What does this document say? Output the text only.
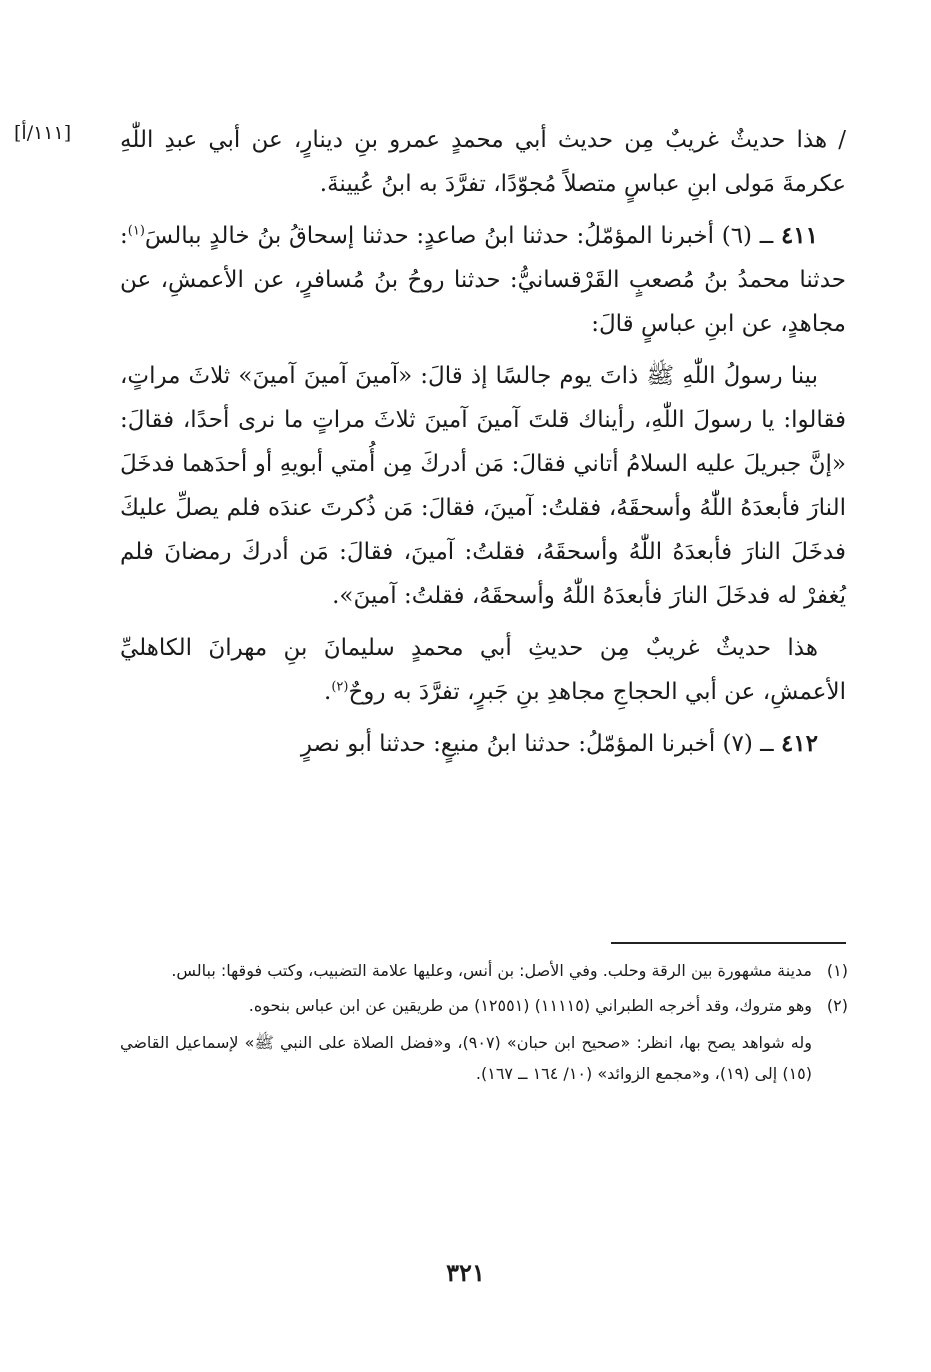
[١١١/أ] / هذا حديثٌ غريبٌ مِن حديث أبي محمدٍ عمرو بنِ دينارٍ، عن أبي عبدِ اللّٰهِ عكرمةَ مَولى ابنِ عباسٍ متصلاً مُجوّدًا، تفرَّدَ به ابنُ عُيينةَ.

٤١١ ــ (٦) أخبرنا المؤمّلُ: حدثنا ابنُ صاعدٍ: حدثنا إسحاقُ بنُ خالدٍ ببالسَ$^{(١)}$: حدثنا محمدُ بنُ مُصعبٍ القَرْقسانيُّ: حدثنا روحُ بنُ مُسافرٍ، عن الأعمشِ، عن مجاهدٍ، عن ابنِ عباسٍ قالَ:

بينا رسولُ اللّٰهِ ﷺ ذاتَ يوم جالسًا إذ قالَ: «آمينَ آمينَ آمينَ» ثلاثَ مراتٍ، فقالوا: يا رسولَ اللّٰهِ، رأيناك قلتَ آمينَ آمينَ ثلاثَ مراتٍ ما نرى أحدًا، فقالَ: «إنَّ جبريلَ عليه السلامُ أتاني فقالَ: مَن أدركَ مِن أُمتي أبويهِ أو أحدَهما فدخَلَ النارَ فأبعدَهُ اللّٰهُ وأسحقَهُ، فقلتُ: آمينَ، فقالَ: مَن ذُكرتَ عندَه فلم يصلِّ عليكَ فدخَلَ النارَ فأبعدَهُ اللّٰهُ وأسحقَهُ، فقلتُ: آمينَ، فقالَ: مَن أدركَ رمضانَ فلم يُغفرْ له فدخَلَ النارَ فأبعدَهُ اللّٰهُ وأسحقَهُ، فقلتُ: آمينَ».

هذا حديثٌ غريبٌ مِن حديثِ أبي محمدٍ سليمانَ بنِ مهرانَ الكاهليِّ الأعمشِ، عن أبي الحجاجِ مجاهدِ بنِ جَبرٍ، تفرَّدَ به روحٌ$^{(٢)}$.

٤١٢ ــ (٧) أخبرنا المؤمّلُ: حدثنا ابنُ منيعٍ: حدثنا أبو نصرٍ

(١)
مدينة مشهورة بين الرقة وحلب. وفي الأصل: بن أنس، وعليها علامة التضبيب، وكتب فوقها: ببالس.
(٢)
وهو متروك، وقد أخرجه الطبراني (١١١١٥) (١٢٥٥١) من طريقين عن ابن عباس بنحوه.
وله شواهد يصح بها، انظر: «صحيح ابن حبان» (٩٠٧)، و«فضل الصلاة على النبي ﷺ» لإسماعيل القاضي (١٥) إلى (١٩)، و«مجمع الزوائد» (١٠/ ١٦٤ ــ ١٦٧).
٣٢١
